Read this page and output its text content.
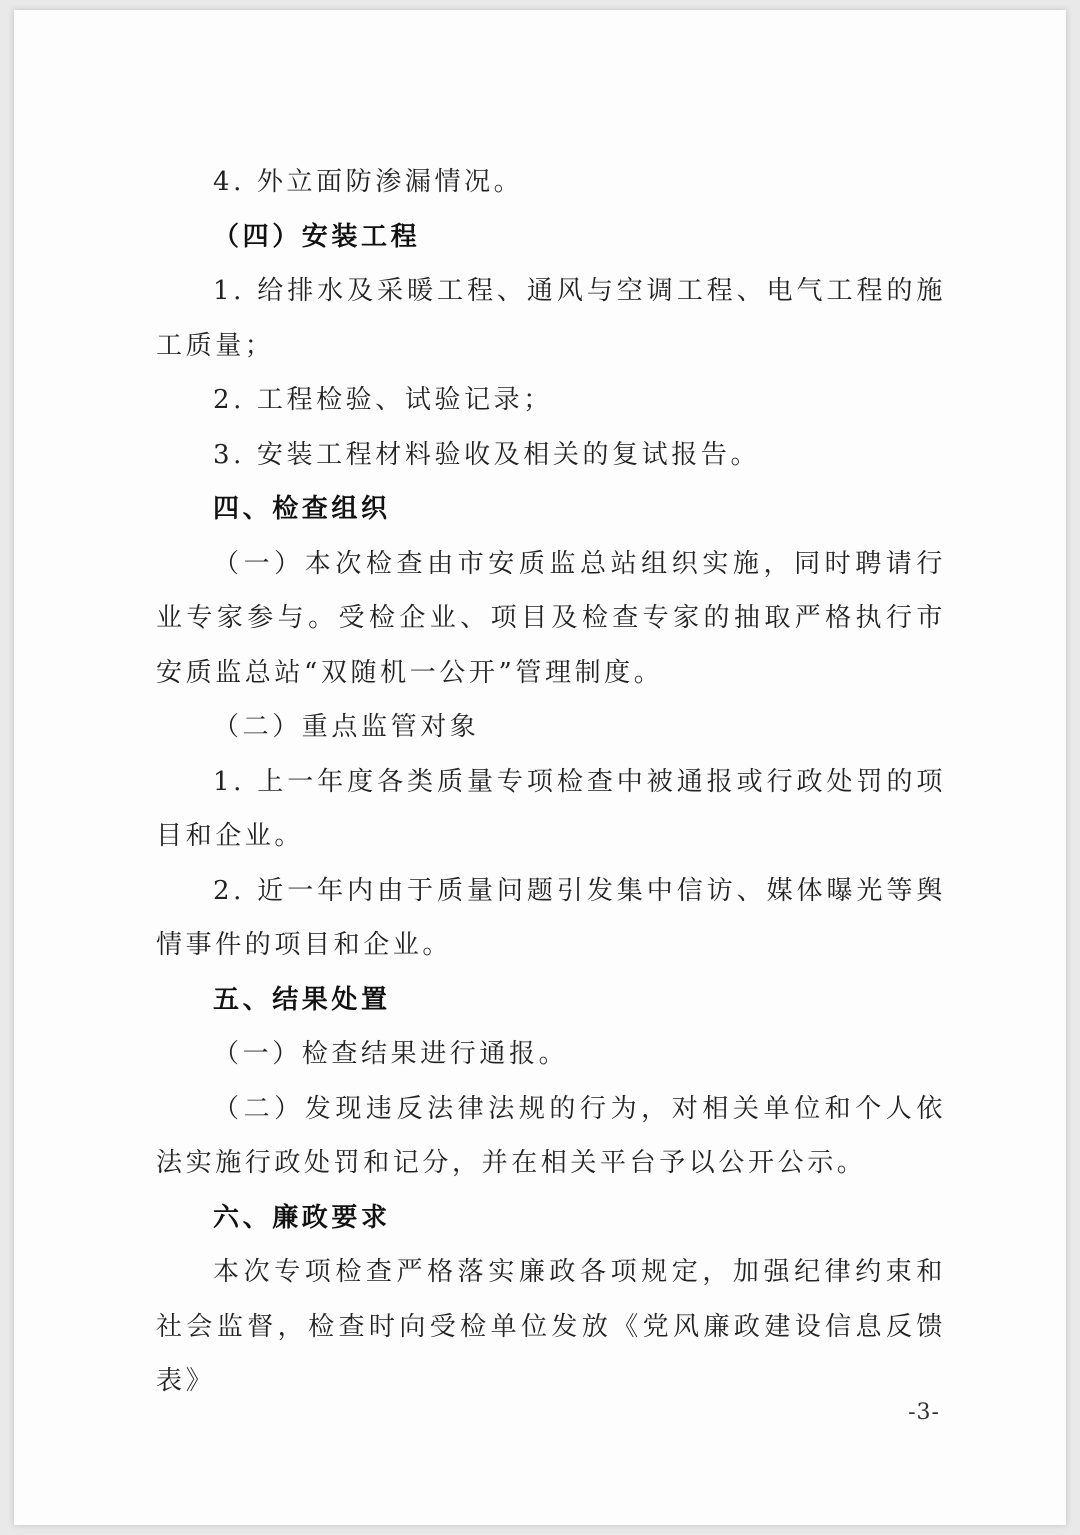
4. 外立面防渗漏情况。

（四）安装工程

1. 给排水及采暖工程、通风与空调工程、电气工程的施工质量；

2. 工程检验、试验记录；

3. 安装工程材料验收及相关的复试报告。

四、检查组织

（一）本次检查由市安质监总站组织实施，同时聘请行业专家参与。受检企业、项目及检查专家的抽取严格执行市安质监总站“双随机一公开”管理制度。

（二）重点监管对象

1. 上一年度各类质量专项检查中被通报或行政处罚的项目和企业。

2. 近一年内由于质量问题引发集中信访、媒体曝光等舆情事件的项目和企业。

五、结果处置

（一）检查结果进行通报。

（二）发现违反法律法规的行为，对相关单位和个人依法实施行政处罚和记分，并在相关平台予以公开公示。

六、廉政要求

本次专项检查严格落实廉政各项规定，加强纪律约束和社会监督，检查时向受检单位发放《党风廉政建设信息反馈表》

-3-
